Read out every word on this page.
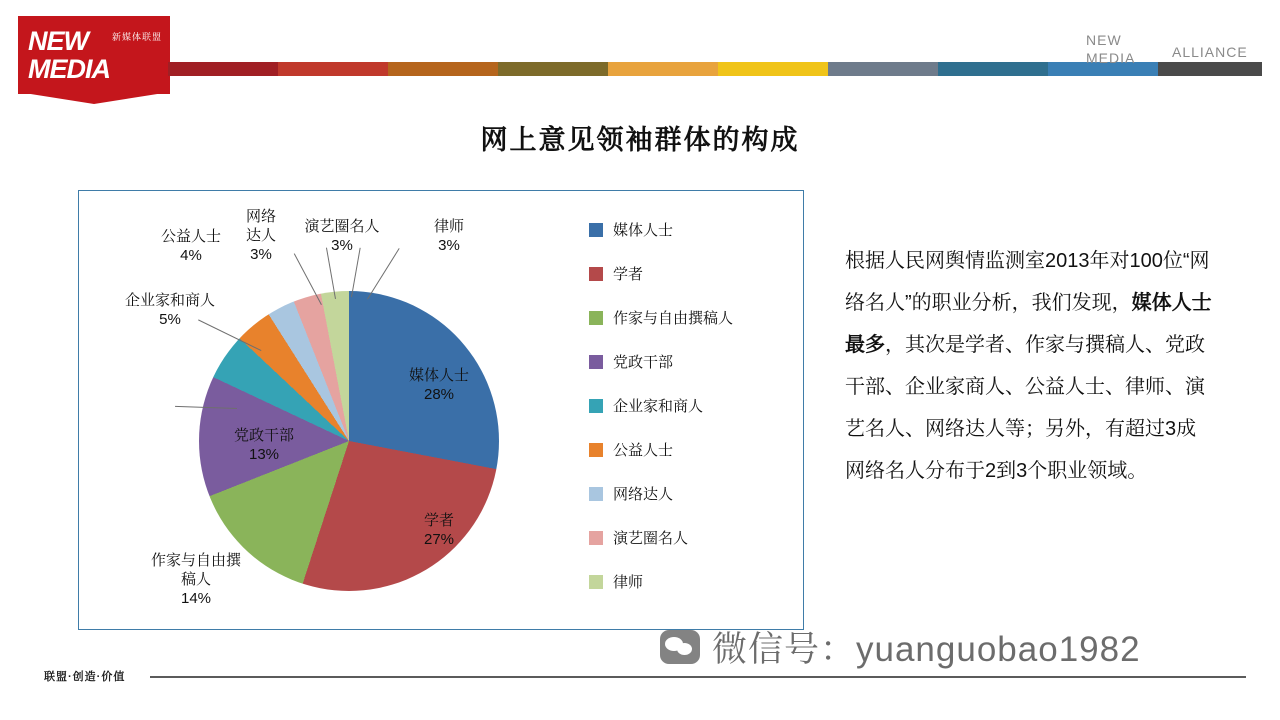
NEW
MEDIA
新媒体联盟	NEW
MEDIA	ALLIANCE
网上意见领袖群体的构成
媒体人士
28%
学者
27%
党政干部
13%
作家与自由撰
稿人
14%
企业家和商人
5%
公益人士
4%
网络
达人
3%
演艺圈名人
3%
律师
3%
媒体人士
学者
作家与自由撰稿人
党政干部
企业家和商人
公益人士
网络达人
演艺圈名人
律师
根据人民网舆情监测室2013年对100位“网络名人”的职业分析，我们发现，媒体人士最多，其次是学者、作家与撰稿人、党政干部、企业家商人、公益人士、律师、演艺名人、网络达人等；另外，有超过3成网络名人分布于2到3个职业领域。
联盟·创造·价值
微信号：yuanguobao1982
